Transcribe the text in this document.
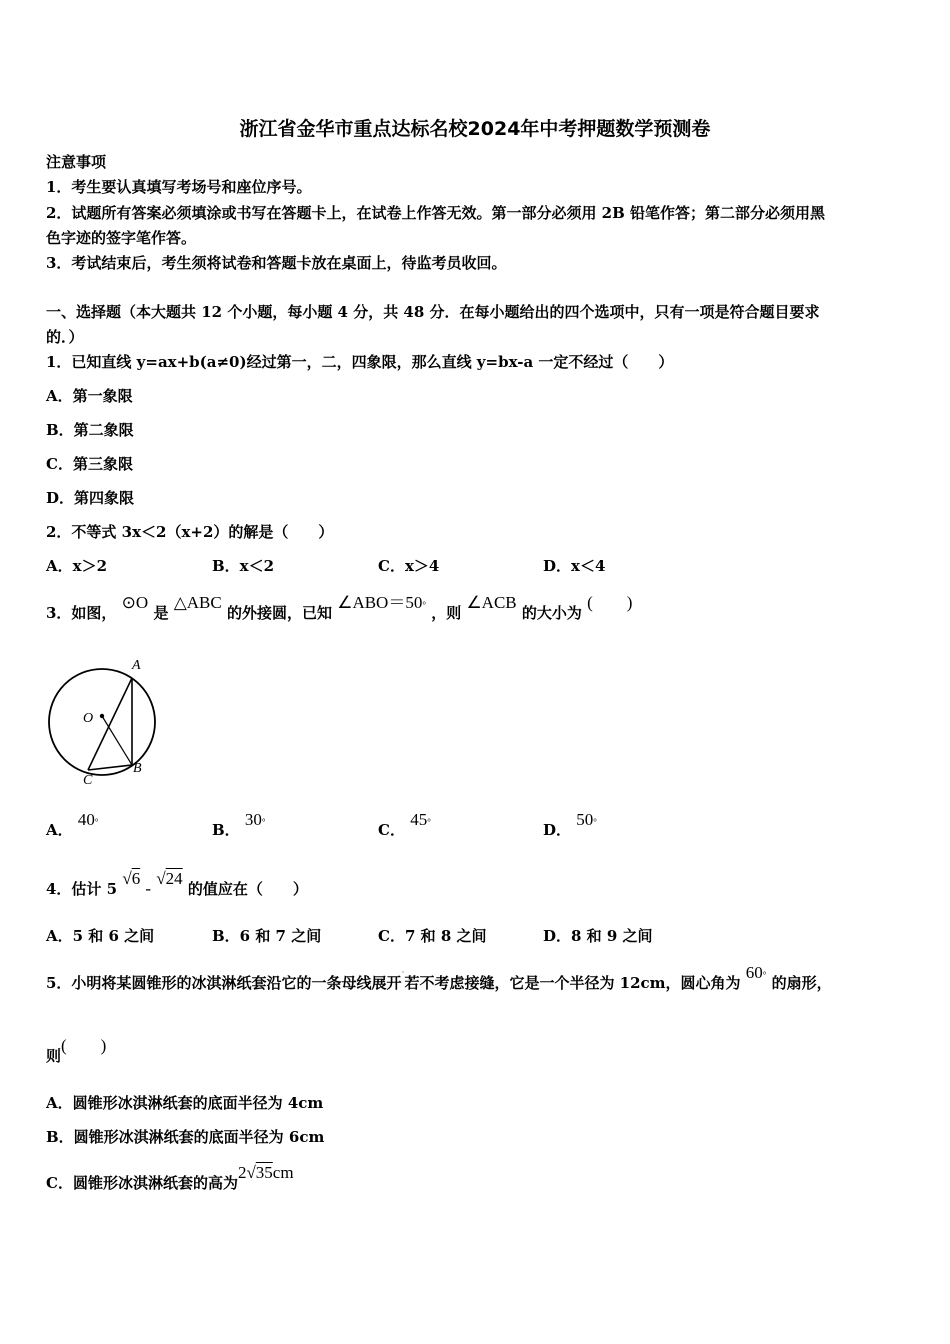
浙江省金华市重点达标名校2024年中考押题数学预测卷
注意事项
1．考生要认真填写考场号和座位序号。
2．试题所有答案必须填涂或书写在答题卡上，在试卷上作答无效。第一部分必须用 2B 铅笔作答；第二部分必须用黑
色字迹的签字笔作答。
3．考试结束后，考生须将试卷和答题卡放在桌面上，待监考员收回。
一、选择题（本大题共 12 个小题，每小题 4 分，共 48 分．在每小题给出的四个选项中，只有一项是符合题目要求
的．）
1．已知直线 y=ax+b(a≠0)经过第一，二，四象限，那么直线 y=bx-a 一定不经过（　　）
A．第一象限
B．第二象限
C．第三象限
D．第四象限
2．不等式 3x＜2（x+2）的解是（　　）
A．x＞2	B．x＜2	C．x＞4	D．x＜4
3．如图， ⊙O 是 △ABC 的外接圆，已知 ∠ABO＝50° ，则 ∠ACB 的大小为 (　　)
A
O
B
C
A． 40°	B． 30°	C． 45°	D． 50°
4．估计 5 √6 - √24 的值应在（　　）
A．5 和 6 之间	B．6 和 7 之间	C．7 和 8 之间	D．8 和 9 之间
5．小明将某圆锥形的冰淇淋纸套沿它的一条母线展开˙若不考虑接缝，它是一个半径为 12cm，圆心角为 60° 的扇形，
则(　　)
A．圆锥形冰淇淋纸套的底面半径为 4cm
B．圆锥形冰淇淋纸套的底面半径为 6cm
C．圆锥形冰淇淋纸套的高为2√35cm
